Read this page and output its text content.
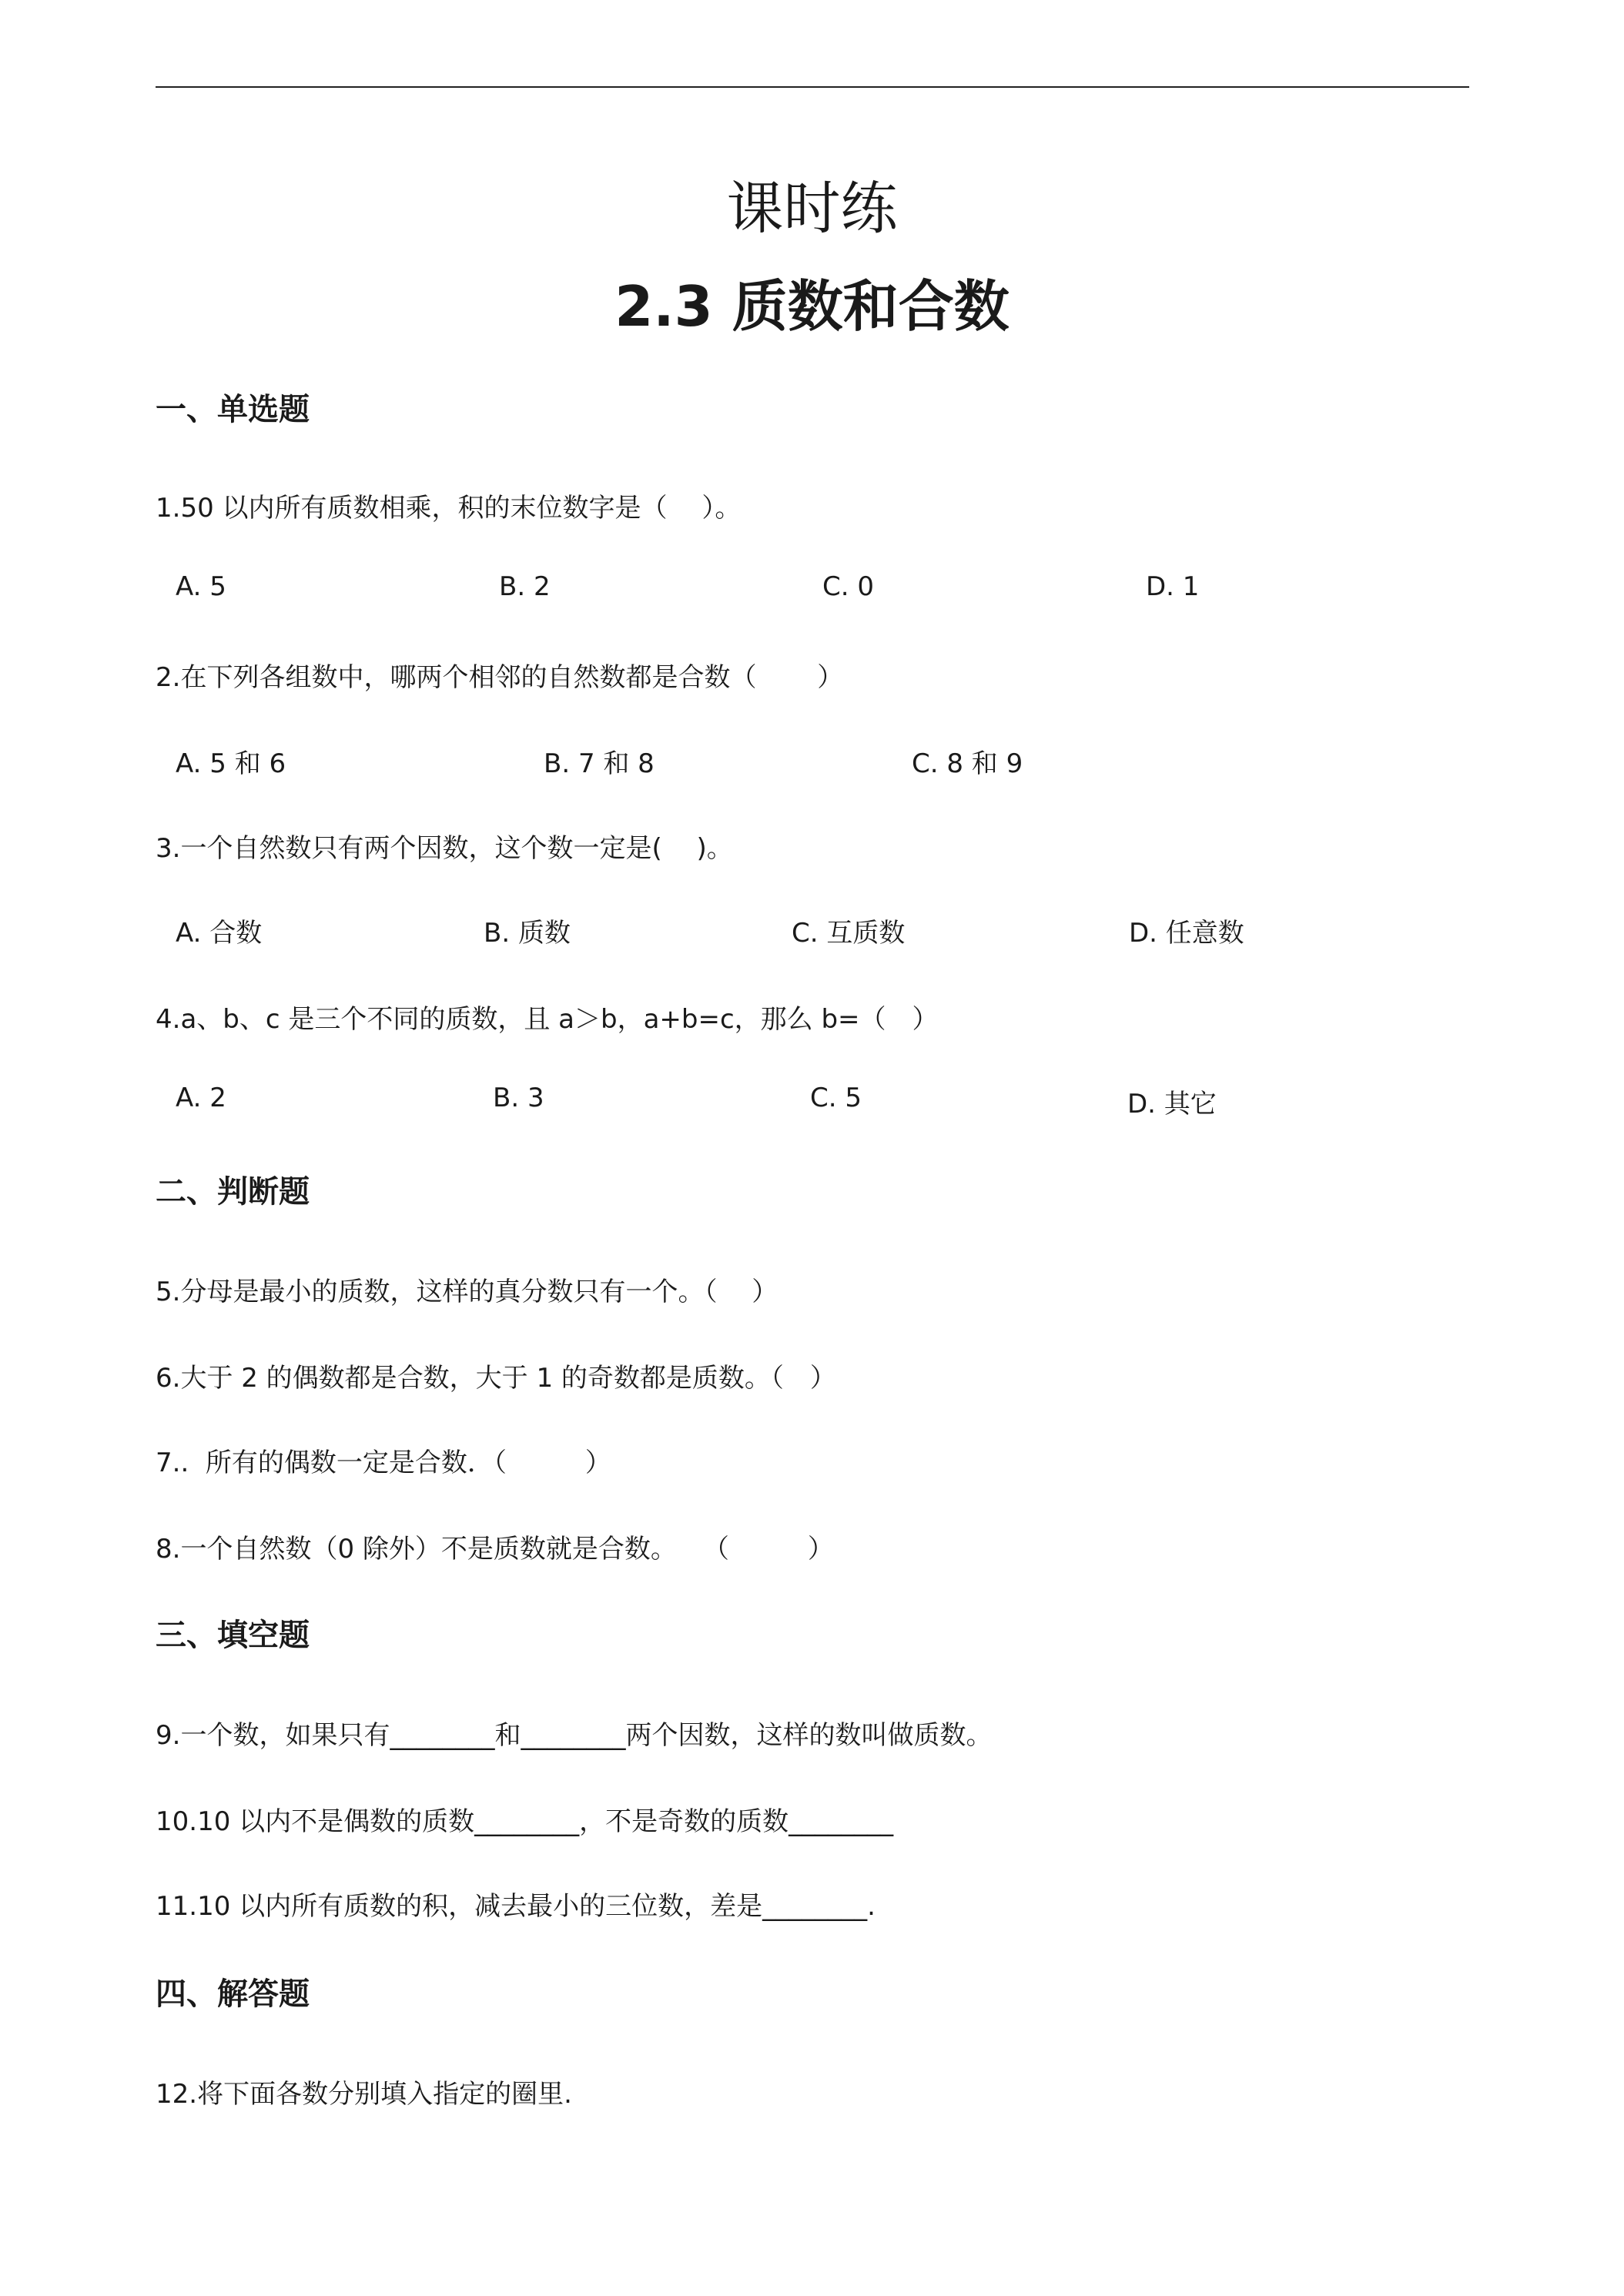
课时练
2.3 质数和合数
一、单选题
1.50 以内所有质数相乘，积的末位数字是（　 ）。
A. 5	B. 2	C. 0	D. 1
2.在下列各组数中，哪两个相邻的自然数都是合数（　　 ）
A. 5 和 6	B. 7 和 8	C. 8 和 9
3.一个自然数只有两个因数，这个数一定是(　 )。
A. 合数	B. 质数	C. 互质数	D. 任意数
4.a、b、c 是三个不同的质数，且 a＞b，a+b=c，那么 b=（　）
A. 2	B. 3	C. 5	D. 其它
二、判断题
5.分母是最小的质数，这样的真分数只有一个。（　 ）
6.大于 2 的偶数都是合数，大于 1 的奇数都是质数。（　）
7..  所有的偶数一定是合数．（　　　）
8.一个自然数（0 除外）不是质数就是合数。　　（　　　）
三、填空题
9.一个数，如果只有________和________两个因数，这样的数叫做质数。
10.10 以内不是偶数的质数________，不是奇数的质数________
11.10 以内所有质数的积，减去最小的三位数，差是________.
四、解答题
12.将下面各数分别填入指定的圈里.
